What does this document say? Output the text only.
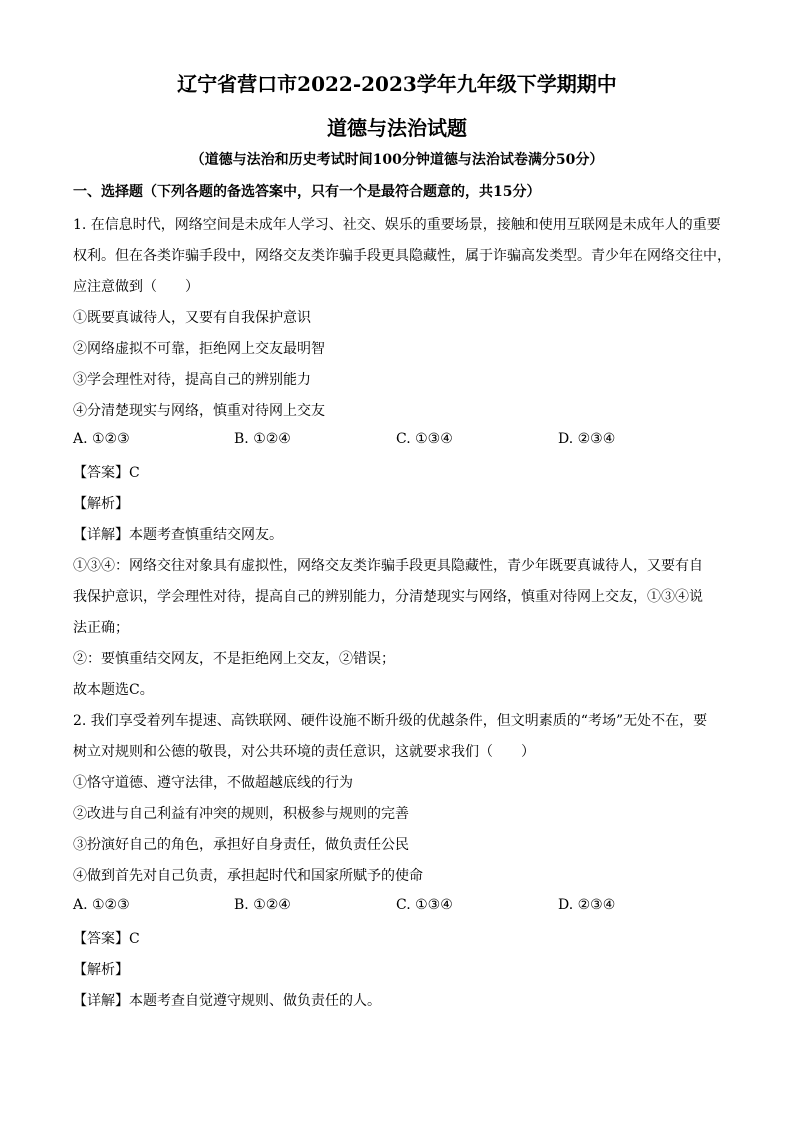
辽宁省营口市2022-2023学年九年级下学期期中
道德与法治试题
（道德与法治和历史考试时间100分钟道德与法治试卷满分50分）
一、选择题（下列各题的备选答案中，只有一个是最符合题意的，共15分）
1. 在信息时代，网络空间是未成年人学习、社交、娱乐的重要场景，接触和使用互联网是未成年人的重要
权利。但在各类诈骗手段中，网络交友类诈骗手段更具隐藏性，属于诈骗高发类型。青少年在网络交往中，
应注意做到（　　）
①既要真诚待人，又要有自我保护意识
②网络虚拟不可靠，拒绝网上交友最明智
③学会理性对待，提高自己的辨别能力
④分清楚现实与网络，慎重对待网上交友
A. ①②③	B. ①②④	C. ①③④	D. ②③④
【答案】C
【解析】
【详解】本题考查慎重结交网友。
①③④：网络交往对象具有虚拟性，网络交友类诈骗手段更具隐藏性，青少年既要真诚待人，又要有自
我保护意识，学会理性对待，提高自己的辨别能力，分清楚现实与网络，慎重对待网上交友，①③④说
法正确；
②：要慎重结交网友，不是拒绝网上交友，②错误；
故本题选C。
2. 我们享受着列车提速、高铁联网、硬件设施不断升级的优越条件，但文明素质的“考场”无处不在，要
树立对规则和公德的敬畏，对公共环境的责任意识，这就要求我们（　　）
①恪守道德、遵守法律，不做超越底线的行为
②改进与自己利益有冲突的规则，积极参与规则的完善
③扮演好自己的角色，承担好自身责任，做负责任公民
④做到首先对自己负责，承担起时代和国家所赋予的使命
A. ①②③	B. ①②④	C. ①③④	D. ②③④
【答案】C
【解析】
【详解】本题考查自觉遵守规则、做负责任的人。
